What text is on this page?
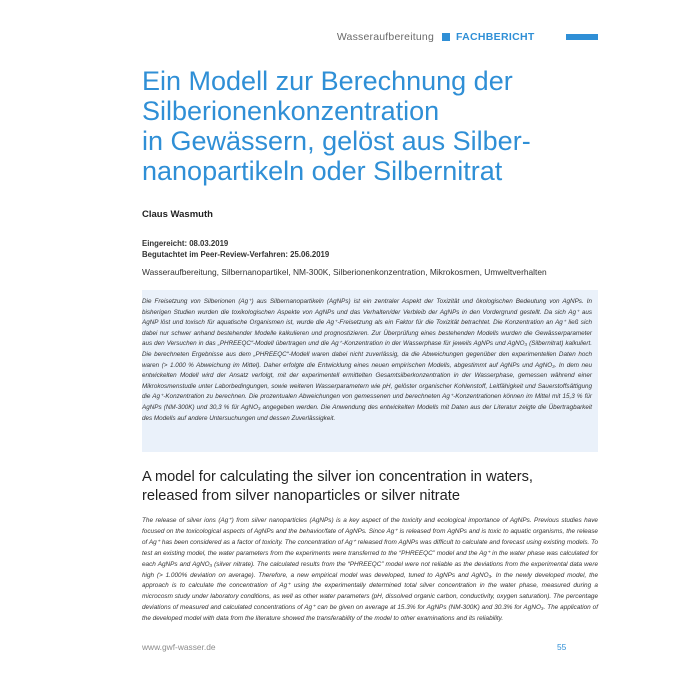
Wasseraufbereitung FACHBERICHT
Ein Modell zur Berechnung der
Silberionenkonzentration
in Gewässern, gelöst aus Silber-
nanopartikeln oder Silbernitrat
Claus Wasmuth
Eingereicht: 08.03.2019
Begutachtet im Peer-Review-Verfahren: 25.06.2019
Wasseraufbereitung, Silbernanopartikel, NM-300K, Silberionenkonzentration, Mikrokosmen, Umweltverhalten

Die Freisetzung von Silberionen (Ag⁺) aus Silbernanopartikeln (AgNPs) ist ein zentraler Aspekt der Toxizität und ökologischen Bedeutung von AgNPs. In bisherigen Studien wurden die toxikologischen Aspekte von AgNPs und das Verhalten/der Verbleib der AgNPs in den Vordergrund gestellt. Da sich Ag⁺ aus AgNP löst und toxisch für aquatische Organismen ist, wurde die Ag⁺-Freisetzung als ein Faktor für die Toxizität betrachtet. Die Konzentration an Ag⁺ ließ sich dabei nur schwer anhand bestehender Modelle kalkulieren und prognostizieren. Zur Überprüfung eines bestehenden Modells wurden die Gewässerparameter aus den Versuchen in das „PHREEQC“-Modell übertragen und die Ag⁺-Konzentration in der Wasserphase für jeweils AgNPs und AgNO₃ (Silbernitrat) kalkuliert. Die berechneten Ergebnisse aus dem „PHREEQC“-Modell waren dabei nicht zuverlässig, da die Abweichungen gegenüber den experimentellen Daten hoch waren (> 1.000 % Abweichung im Mittel). Daher erfolgte die Entwicklung eines neuen empirischen Modells, abgestimmt auf AgNPs und AgNO₃. In dem neu entwickelten Modell wird der Ansatz verfolgt, mit der experimentell ermittelten Gesamtsilberkonzentration in der Wasserphase, gemessen während einer Mikrokosmenstudie unter Laborbedingungen, sowie weiteren Wasserparametern wie pH, gelöster organischer Kohlenstoff, Leitfähigkeit und Sauerstoffsättigung die Ag⁺-Konzentration zu berechnen. Die prozentualen Abweichungen von gemessenen und berechneten Ag⁺-Konzentrationen können im Mittel mit 15,3 % für AgNPs (NM-300K) und 30,3 % für AgNO₃ angegeben werden. Die Anwendung des entwickelten Modells mit Daten aus der Literatur zeigte die Übertragbarkeit des Modells auf andere Untersuchungen und dessen Zuverlässigkeit.

A model for calculating the silver ion concentration in waters,
released from silver nanoparticles or silver nitrate

The release of silver ions (Ag⁺) from silver nanoparticles (AgNPs) is a key aspect of the toxicity and ecological importance of AgNPs. Previous studies have focused on the toxicological aspects of AgNPs and the behavior/fate of AgNPs. Since Ag⁺ is released from AgNPs and is toxic to aquatic organisms, the release of Ag⁺ has been considered as a factor of toxicity. The concentration of Ag⁺ released from AgNPs was difficult to calculate and forecast using existing models. To test an existing model, the water parameters from the experiments were transferred to the “PHREEQC” model and the Ag⁺ in the water phase was calculated for each AgNPs and AgNO₃ (silver nitrate). The calculated results from the “PHREEQC” model were not reliable as the deviations from the experimental data were high (> 1.000% deviation on average). Therefore, a new empirical model was developed, tuned to AgNPs and AgNO₃. In the newly developed model, the approach is to calculate the concentration of Ag⁺ using the experimentally determined total silver concentration in the water phase, measured during a microcosm study under laboratory conditions, as well as other water parameters (pH, dissolved organic carbon, conductivity, oxygen saturation). The percentage deviations of measured and calculated concentrations of Ag⁺ can be given on average at 15.3% for AgNPs (NM-300K) and 30.3% for AgNO₃. The application of the developed model with data from the literature showed the transferability of the model to other examinations and its reliability.

www.gwf-wasser.de	55
